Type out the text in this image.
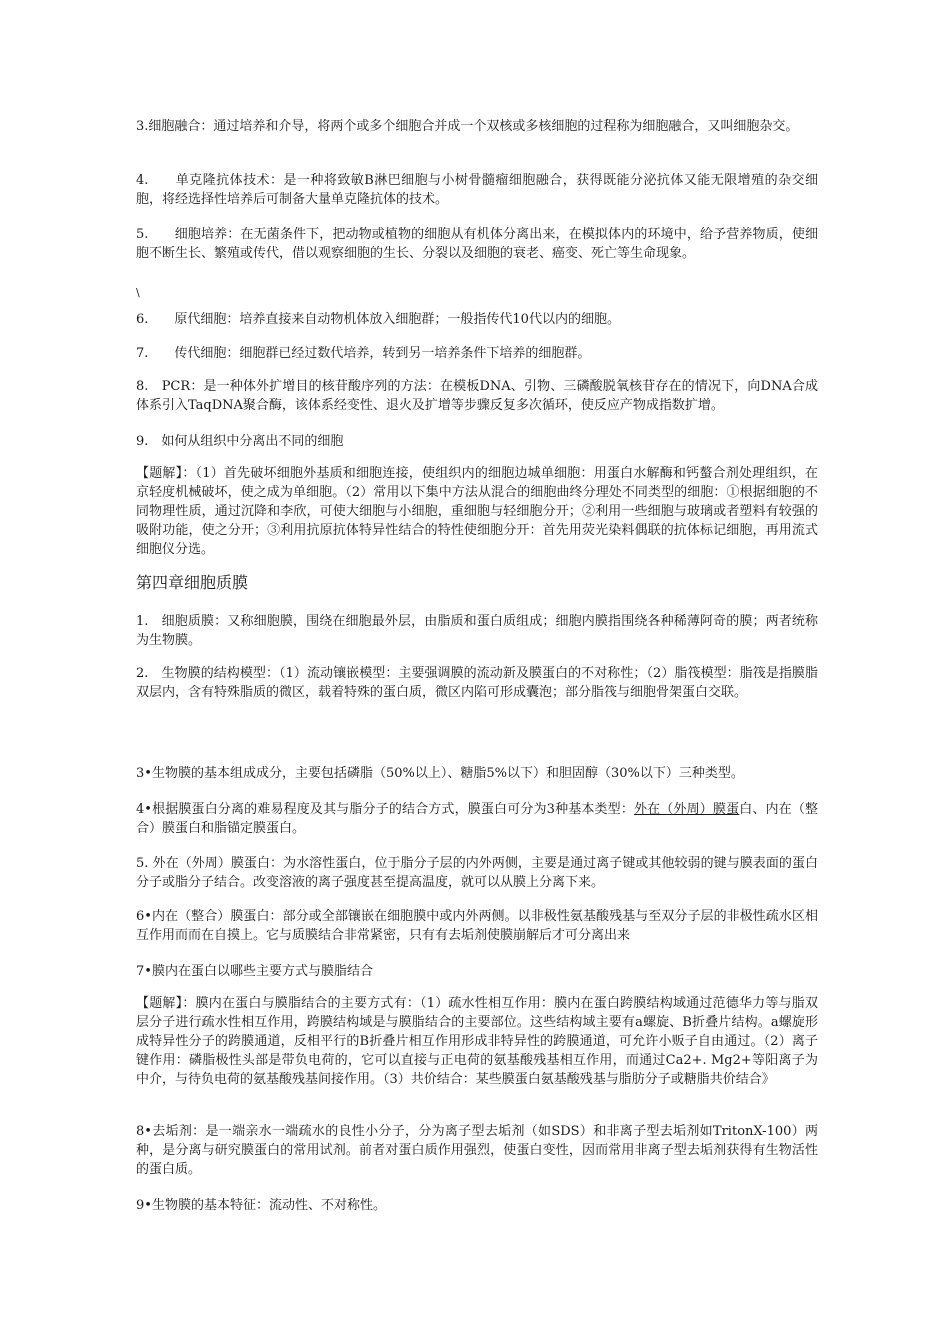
3.细胞融合：通过培养和介导，将两个或多个细胞合并成一个双核或多核细胞的过程称为细胞融合，又叫细胞杂交。

4.　　单克隆抗体技术：是一种将致敏B淋巴细胞与小树骨髓瘤细胞融合，获得既能分泌抗体又能无限增殖的杂交细胞，将经选择性培养后可制备大量单克隆抗体的技术。

5.　　细胞培养：在无菌条件下，把动物或植物的细胞从有机体分离出来，在模拟体内的环境中，给予营养物质，使细胞不断生长、繁殖或传代，借以观察细胞的生长、分裂以及细胞的衰老、癌变、死亡等生命现象。

\

6.　　原代细胞：培养直接来自动物机体放入细胞群；一般指传代10代以内的细胞。

7.　　传代细胞：细胞群已经过数代培养，转到另一培养条件下培养的细胞群。

8.　PCR：是一种体外扩增目的核苷酸序列的方法：在模板DNA、引物、三磷酸脱氧核苷存在的情况下，向DNA合成体系引入TaqDNA聚合酶，该体系经变性、退火及扩增等步骤反复多次循环，使反应产物成指数扩增。

9.　如何从组织中分离出不同的细胞

【题解】：（1）首先破坏细胞外基质和细胞连接，使组织内的细胞边城单细胞：用蛋白水解酶和钙螯合剂处理组织，在京轻度机械破坏，使之成为单细胞。（2）常用以下集中方法从混合的细胞曲终分理处不同类型的细胞：①根据细胞的不同物理性质，通过沉降和李欣，可使大细胞与小细胞，重细胞与轻细胞分开；②利用一些细胞与玻璃或者塑料有较强的吸附功能，使之分开；③利用抗原抗体特异性结合的特性使细胞分开：首先用荧光染料偶联的抗体标记细胞，再用流式细胞仪分选。

第四章细胞质膜

1.　细胞质膜：又称细胞膜，围绕在细胞最外层，由脂质和蛋白质组成；细胞内膜指围绕各种稀薄阿奇的膜；两者统称为生物膜。

2.　生物膜的结构模型：（1）流动镶嵌模型：主要强调膜的流动新及膜蛋白的不对称性；（2）脂筏模型：脂筏是指膜脂双层内，含有特殊脂质的微区，载着特殊的蛋白质，微区内陷可形成囊泡；部分脂筏与细胞骨架蛋白交联。

3•生物膜的基本组成成分，主要包括磷脂（50%以上）、糖脂5%以下）和胆固醇（30%以下）三种类型。

4•根据膜蛋白分离的难易程度及其与脂分子的结合方式，膜蛋白可分为3种基本类型：外在（外周）膜蛋白、内在（整合）膜蛋白和脂锚定膜蛋白。

5. 外在（外周）膜蛋白：为水溶性蛋白，位于脂分子层的内外两侧，主要是通过离子键或其他较弱的键与膜表面的蛋白分子或脂分子结合。改变溶液的离子强度甚至提高温度，就可以从膜上分离下来。

6•内在（整合）膜蛋白：部分或全部镶嵌在细胞膜中或内外两侧。以非极性氨基酸残基与至双分子层的非极性疏水区相互作用而而在自摸上。它与质膜结合非常紧密，只有有去垢剂使膜崩解后才可分离出来

7•膜内在蛋白以哪些主要方式与膜脂结合

【题解】：膜内在蛋白与膜脂结合的主要方式有：（1）疏水性相互作用：膜内在蛋白跨膜结构域通过范德华力等与脂双层分子进行疏水性相互作用，跨膜结构域是与膜脂结合的主要部位。这些结构域主要有a螺旋、B折叠片结构。a螺旋形成特异性分子的跨膜通道，反相平行的B折叠片相互作用形成非特异性的跨膜通道，可允许小贩子自由通过。（2）离子键作用：磷脂极性头部是带负电荷的，它可以直接与正电荷的氨基酸残基相互作用，而通过Ca2+. Mg2+等阳离子为中介，与待负电荷的氨基酸残基间接作用。（3）共价结合：某些膜蛋白氨基酸残基与脂肪分子或糖脂共价结合》

8•去垢剂：是一端亲水一端疏水的良性小分子，分为离子型去垢剂（如SDS）和非离子型去垢剂如TritonX-100）两种，是分离与研究膜蛋白的常用试剂。前者对蛋白质作用强烈，使蛋白变性，因而常用非离子型去垢剂获得有生物活性的蛋白质。

9•生物膜的基本特征：流动性、不对称性。
